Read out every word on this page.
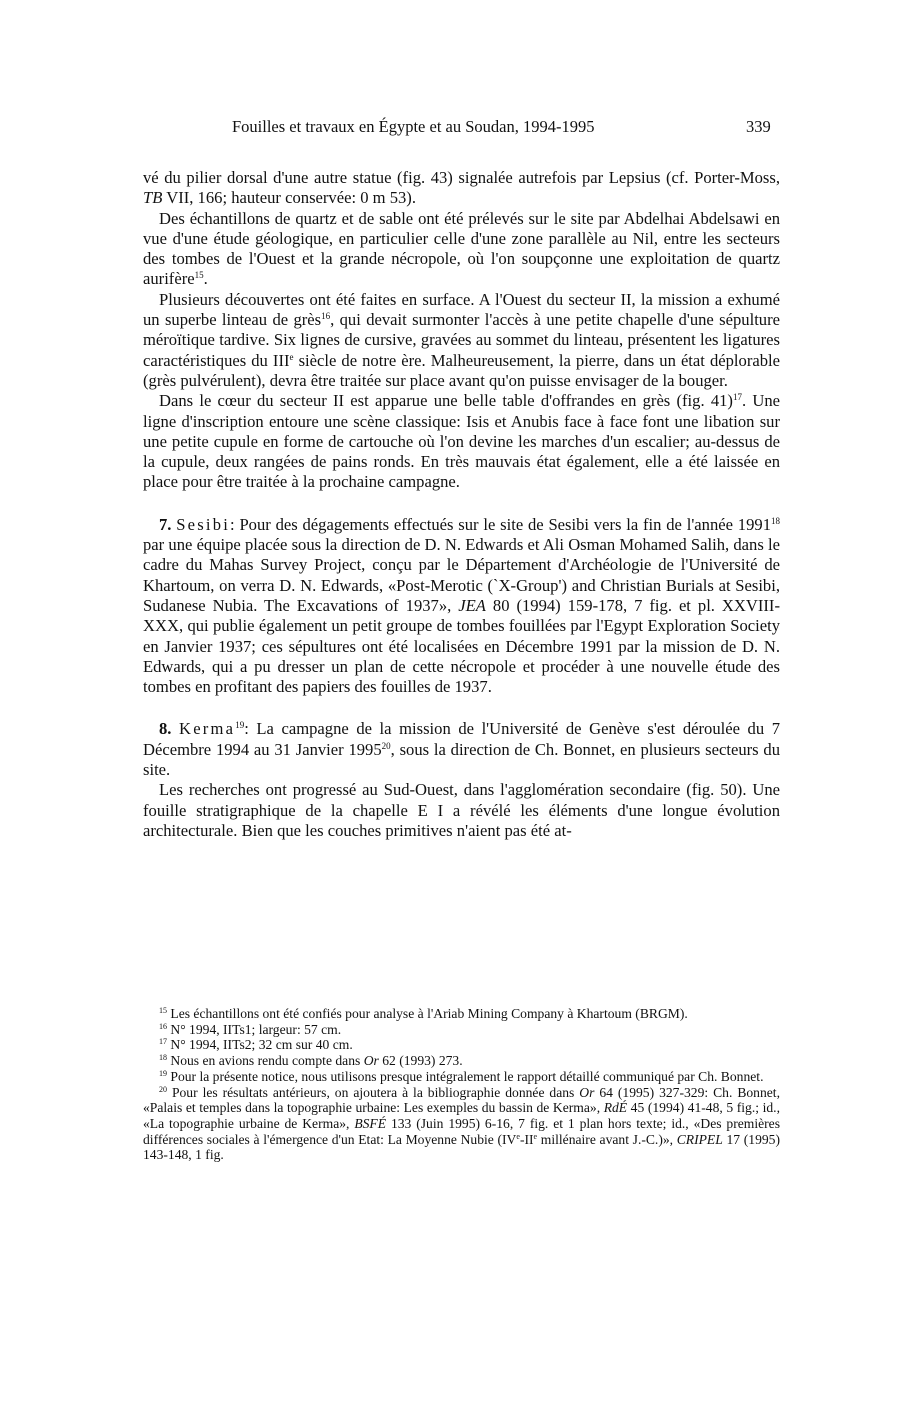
Fouilles et travaux en Égypte et au Soudan, 1994-1995	339

vé du pilier dorsal d'une autre statue (fig. 43) signalée autrefois par Lepsius (cf. Porter-Moss, TB VII, 166; hauteur conservée: 0 m 53).

Des échantillons de quartz et de sable ont été prélevés sur le site par Abdelhai Abdelsawi en vue d'une étude géologique, en particulier celle d'une zone parallèle au Nil, entre les secteurs des tombes de l'Ouest et la grande nécropole, où l'on soupçonne une exploitation de quartz aurifère$^{15}$.

Plusieurs découvertes ont été faites en surface. A l'Ouest du secteur II, la mission a exhumé un superbe linteau de grès$^{16}$, qui devait surmonter l'accès à une petite chapelle d'une sépulture méroïtique tardive. Six lignes de cursive, gravées au sommet du linteau, présentent les ligatures caractéristiques du IIIe siècle de notre ère. Malheureusement, la pierre, dans un état déplorable (grès pulvérulent), devra être traitée sur place avant qu'on puisse envisager de la bouger.

Dans le cœur du secteur II est apparue une belle table d'offrandes en grès (fig. 41)$^{17}$. Une ligne d'inscription entoure une scène classique: Isis et Anubis face à face font une libation sur une petite cupule en forme de cartouche où l'on devine les marches d'un escalier; au-dessus de la cupule, deux rangées de pains ronds. En très mauvais état également, elle a été laissée en place pour être traitée à la prochaine campagne.

7. Sesibi: Pour des dégagements effectués sur le site de Sesibi vers la fin de l'année 1991$^{18}$ par une équipe placée sous la direction de D. N. Edwards et Ali Osman Mohamed Salih, dans le cadre du Mahas Survey Project, conçu par le Département d'Archéologie de l'Université de Khartoum, on verra D. N. Edwards, «Post-Merotic (`X-Group') and Christian Burials at Sesibi, Sudanese Nubia. The Excavations of 1937», JEA 80 (1994) 159-178, 7 fig. et pl. XXVIII-XXX, qui publie également un petit groupe de tombes fouillées par l'Egypt Exploration Society en Janvier 1937; ces sépultures ont été localisées en Décembre 1991 par la mission de D. N. Edwards, qui a pu dresser un plan de cette nécropole et procéder à une nouvelle étude des tombes en profitant des papiers des fouilles de 1937.

8. Kerma$^{19}$: La campagne de la mission de l'Université de Genève s'est déroulée du 7 Décembre 1994 au 31 Janvier 1995$^{20}$, sous la direction de Ch. Bonnet, en plusieurs secteurs du site.

Les recherches ont progressé au Sud-Ouest, dans l'agglomération secondaire (fig. 50). Une fouille stratigraphique de la chapelle E I a révélé les éléments d'une longue évolution architecturale. Bien que les couches primitives n'aient pas été at-

$^{15}$ Les échantillons ont été confiés pour analyse à l'Ariab Mining Company à Khartoum (BRGM).

$^{16}$ N° 1994, IITs1; largeur: 57 cm.

$^{17}$ N° 1994, IITs2; 32 cm sur 40 cm.

$^{18}$ Nous en avions rendu compte dans Or 62 (1993) 273.

$^{19}$ Pour la présente notice, nous utilisons presque intégralement le rapport détaillé communiqué par Ch. Bonnet.

$^{20}$ Pour les résultats antérieurs, on ajoutera à la bibliographie donnée dans Or 64 (1995) 327-329: Ch. Bonnet, «Palais et temples dans la topographie urbaine: Les exemples du bassin de Kerma», RdÉ 45 (1994) 41-48, 5 fig.; id., «La topographie urbaine de Kerma», BSFÉ 133 (Juin 1995) 6-16, 7 fig. et 1 plan hors texte; id., «Des premières différences sociales à l'émergence d'un Etat: La Moyenne Nubie (IVe-IIe millénaire avant J.-C.)», CRIPEL 17 (1995) 143-148, 1 fig.
